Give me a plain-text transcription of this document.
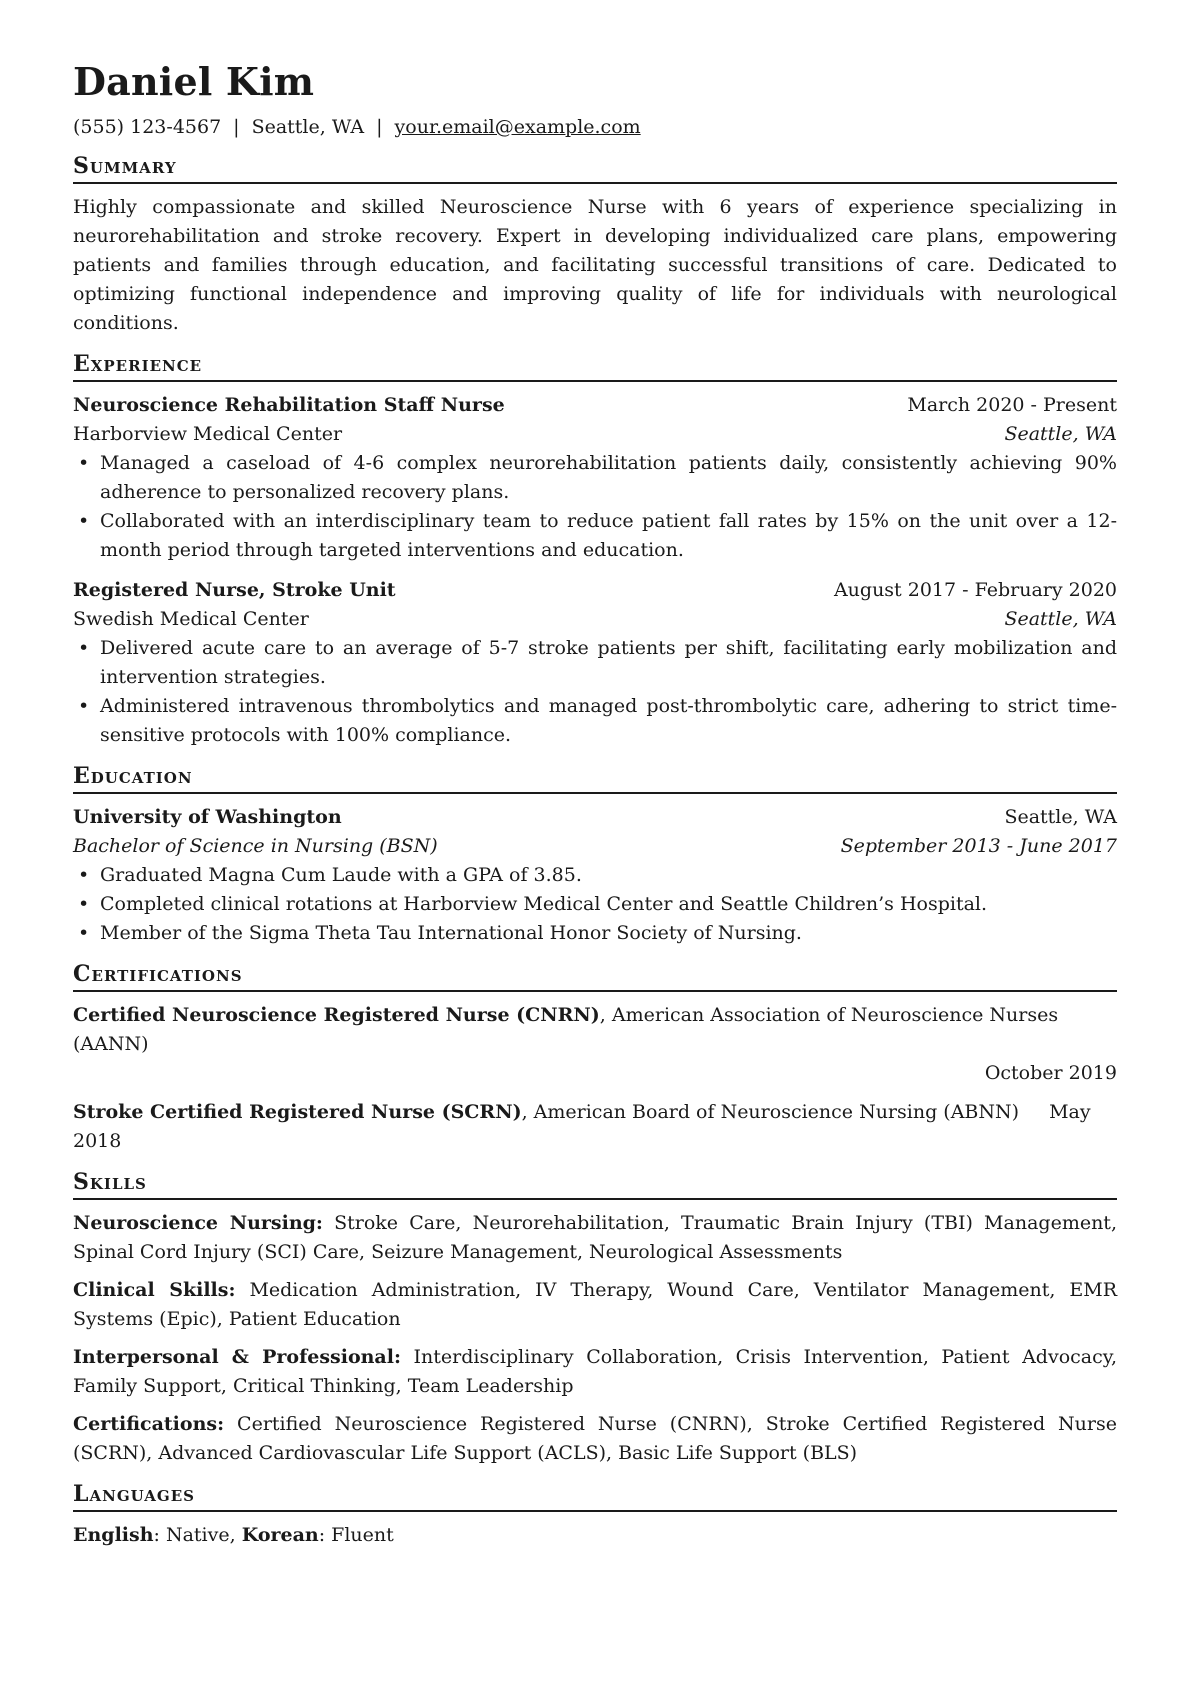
Daniel Kim
(555) 123-4567 | Seattle, WA | your.email@example.com
Summary
Highly compassionate and skilled Neuroscience Nurse with 6 years of experience specializing in neurorehabilitation and stroke recovery. Expert in developing individualized care plans, empowering patients and families through education, and facilitating successful transitions of care. Dedicated to optimizing functional independence and improving quality of life for individuals with neurological conditions.
Experience
Neuroscience Rehabilitation Staff Nurse	March 2020 - Present
Harborview Medical Center	Seattle, WA
• Managed a caseload of 4-6 complex neurorehabilitation patients daily, consistently achieving 90% adherence to personalized recovery plans.
• Collaborated with an interdisciplinary team to reduce patient fall rates by 15% on the unit over a 12-month period through targeted interventions and education.
Registered Nurse, Stroke Unit	August 2017 - February 2020
Swedish Medical Center	Seattle, WA
• Delivered acute care to an average of 5-7 stroke patients per shift, facilitating early mobilization and intervention strategies.
• Administered intravenous thrombolytics and managed post-thrombolytic care, adhering to strict time-sensitive protocols with 100% compliance.
Education
University of Washington	Seattle, WA
Bachelor of Science in Nursing (BSN)	September 2013 - June 2017
• Graduated Magna Cum Laude with a GPA of 3.85.
• Completed clinical rotations at Harborview Medical Center and Seattle Children’s Hospital.
• Member of the Sigma Theta Tau International Honor Society of Nursing.
Certifications
Certified Neuroscience Registered Nurse (CNRN), American Association of Neuroscience Nurses (AANN)
October 2019
Stroke Certified Registered Nurse (SCRN), American Board of Neuroscience Nursing (ABNN) May 2018
Skills
Neuroscience Nursing: Stroke Care, Neurorehabilitation, Traumatic Brain Injury (TBI) Management, Spinal Cord Injury (SCI) Care, Seizure Management, Neurological Assessments
Clinical Skills: Medication Administration, IV Therapy, Wound Care, Ventilator Management, EMR Systems (Epic), Patient Education
Interpersonal & Professional: Interdisciplinary Collaboration, Crisis Intervention, Patient Advocacy, Family Support, Critical Thinking, Team Leadership
Certifications: Certified Neuroscience Registered Nurse (CNRN), Stroke Certified Registered Nurse (SCRN), Advanced Cardiovascular Life Support (ACLS), Basic Life Support (BLS)
Languages
English: Native, Korean: Fluent
